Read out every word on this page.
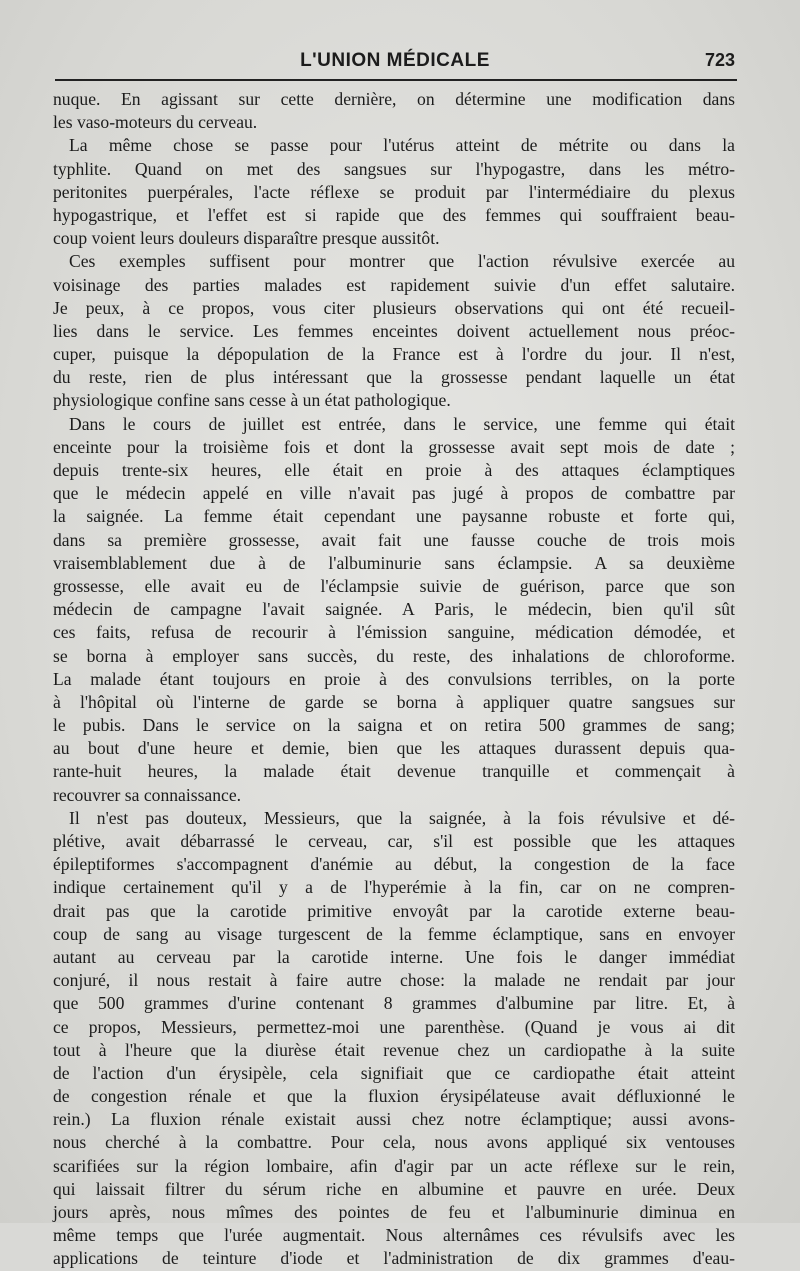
L'UNION MÉDICALE	723
nuque. En agissant sur cette dernière, on détermine une modification dans
les vaso-moteurs du cerveau.
La même chose se passe pour l'utérus atteint de métrite ou dans la
typhlite. Quand on met des sangsues sur l'hypogastre, dans les métro-
peritonites puerpérales, l'acte réflexe se produit par l'intermédiaire du plexus
hypogastrique, et l'effet est si rapide que des femmes qui souffraient beau-
coup voient leurs douleurs disparaître presque aussitôt.
Ces exemples suffisent pour montrer que l'action révulsive exercée au
voisinage des parties malades est rapidement suivie d'un effet salutaire.
Je peux, à ce propos, vous citer plusieurs observations qui ont été recueil-
lies dans le service. Les femmes enceintes doivent actuellement nous préoc-
cuper, puisque la dépopulation de la France est à l'ordre du jour. Il n'est,
du reste, rien de plus intéressant que la grossesse pendant laquelle un état
physiologique confine sans cesse à un état pathologique.
Dans le cours de juillet est entrée, dans le service, une femme qui était
enceinte pour la troisième fois et dont la grossesse avait sept mois de date ;
depuis trente-six heures, elle était en proie à des attaques éclamptiques
que le médecin appelé en ville n'avait pas jugé à propos de combattre par
la saignée. La femme était cependant une paysanne robuste et forte qui,
dans sa première grossesse, avait fait une fausse couche de trois mois
vraisemblablement due à de l'albuminurie sans éclampsie. A sa deuxième
grossesse, elle avait eu de l'éclampsie suivie de guérison, parce que son
médecin de campagne l'avait saignée. A Paris, le médecin, bien qu'il sût
ces faits, refusa de recourir à l'émission sanguine, médication démodée, et
se borna à employer sans succès, du reste, des inhalations de chloroforme.
La malade étant toujours en proie à des convulsions terribles, on la porte
à l'hôpital où l'interne de garde se borna à appliquer quatre sangsues sur
le pubis. Dans le service on la saigna et on retira 500 grammes de sang;
au bout d'une heure et demie, bien que les attaques durassent depuis qua-
rante-huit heures, la malade était devenue tranquille et commençait à
recouvrer sa connaissance.
Il n'est pas douteux, Messieurs, que la saignée, à la fois révulsive et dé-
plétive, avait débarrassé le cerveau, car, s'il est possible que les attaques
épileptiformes s'accompagnent d'anémie au début, la congestion de la face
indique certainement qu'il y a de l'hyperémie à la fin, car on ne compren-
drait pas que la carotide primitive envoyât par la carotide externe beau-
coup de sang au visage turgescent de la femme éclamptique, sans en envoyer
autant au cerveau par la carotide interne. Une fois le danger immédiat
conjuré, il nous restait à faire autre chose: la malade ne rendait par jour
que 500 grammes d'urine contenant 8 grammes d'albumine par litre. Et, à
ce propos, Messieurs, permettez-moi une parenthèse. (Quand je vous ai dit
tout à l'heure que la diurèse était revenue chez un cardiopathe à la suite
de l'action d'un érysipèle, cela signifiait que ce cardiopathe était atteint
de congestion rénale et que la fluxion érysipélateuse avait défluxionné le
rein.) La fluxion rénale existait aussi chez notre éclamptique; aussi avons-
nous cherché à la combattre. Pour cela, nous avons appliqué six ventouses
scarifiées sur la région lombaire, afin d'agir par un acte réflexe sur le rein,
qui laissait filtrer du sérum riche en albumine et pauvre en urée. Deux
jours après, nous mîmes des pointes de feu et l'albuminurie diminua en
même temps que l'urée augmentait. Nous alternâmes ces révulsifs avec les
applications de teinture d'iode et l'administration de dix grammes d'eau-
